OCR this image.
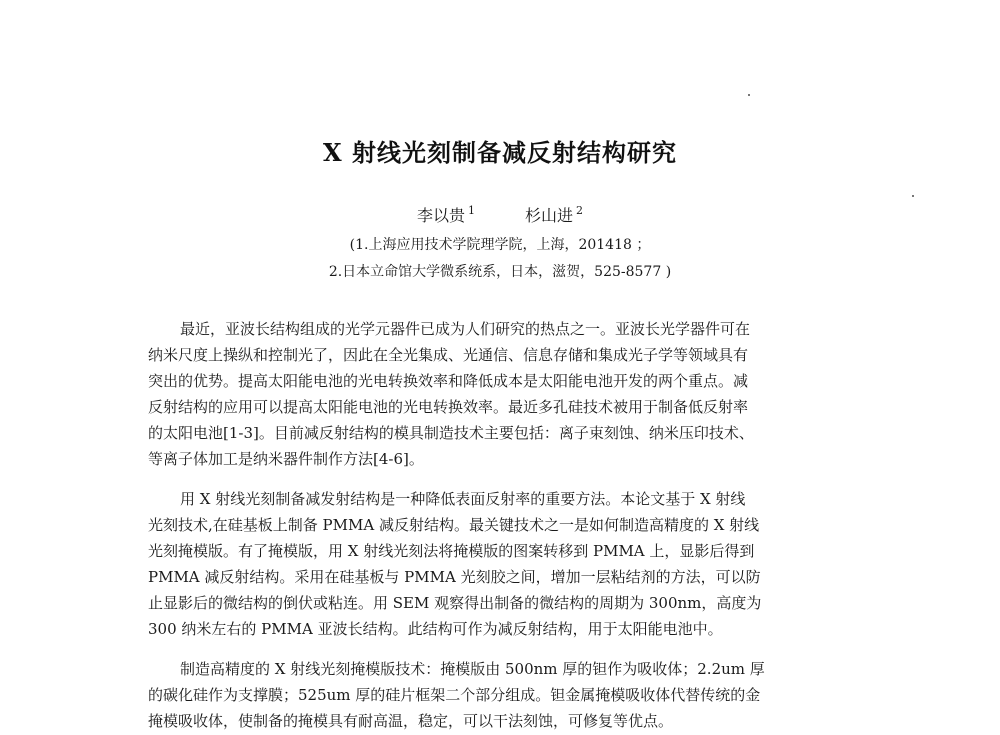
X 射线光刻制备减反射结构研究
李以贵 $^1$	杉山进 $^2$
(1.上海应用技术学院理学院，上海，201418 ；
2.日本立命馆大学微系统系，日本，滋贺，525-8577 )

最近，亚波长结构组成的光学元器件已成为人们研究的热点之一。亚波长光学器件可在
纳米尺度上操纵和控制光了，因此在全光集成、光通信、信息存储和集成光子学等领域具有
突出的优势。提高太阳能电池的光电转换效率和降低成本是太阳能电池开发的两个重点。减
反射结构的应用可以提高太阳能电池的光电转换效率。最近多孔硅技术被用于制备低反射率
的太阳电池[1-3]。目前减反射结构的模具制造技术主要包括：离子束刻蚀、纳米压印技术、
等离子体加工是纳米器件制作方法[4-6]。

用 X 射线光刻制备减发射结构是一种降低表面反射率的重要方法。本论文基于 X 射线
光刻技术,在硅基板上制备 PMMA 减反射结构。最关键技术之一是如何制造高精度的 X 射线
光刻掩模版。有了掩模版，用 X 射线光刻法将掩模版的图案转移到 PMMA 上，显影后得到
PMMA 减反射结构。采用在硅基板与 PMMA 光刻胶之间，增加一层粘结剂的方法，可以防
止显影后的微结构的倒伏或粘连。用 SEM 观察得出制备的微结构的周期为 300nm，高度为
300 纳米左右的 PMMA 亚波长结构。此结构可作为减反射结构，用于太阳能电池中。

制造高精度的 X 射线光刻掩模版技术：掩模版由 500nm 厚的钽作为吸收体；2.2um 厚
的碳化硅作为支撑膜；525um 厚的硅片框架二个部分组成。钽金属掩模吸收体代替传统的金
掩模吸收体，使制备的掩模具有耐高温，稳定，可以干法刻蚀，可修复等优点。
